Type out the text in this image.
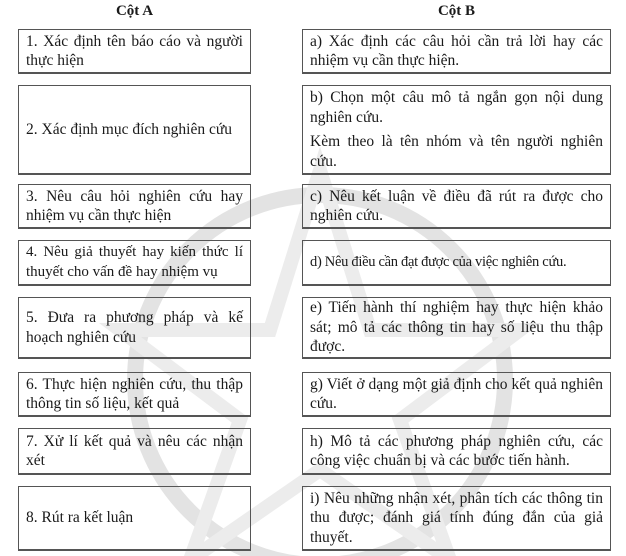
Cột A	Cột B
1. Xác định tên báo cáo và người thực hiện
2. Xác định mục đích nghiên cứu
3. Nêu câu hỏi nghiên cứu hay nhiệm vụ cần thực hiện
4. Nêu giả thuyết hay kiến thức lí thuyết cho vấn đề hay nhiệm vụ
5. Đưa ra phương pháp và kế hoạch nghiên cứu
6. Thực hiện nghiên cứu, thu thập thông tin số liệu, kết quả
7. Xử lí kết quả và nêu các nhận xét
8. Rút ra kết luận
a) Xác định các câu hỏi cần trả lời hay các nhiệm vụ cần thực hiện.
b) Chọn một câu mô tả ngắn gọn nội dung nghiên cứu.
Kèm theo là tên nhóm và tên người nghiên cứu.
c) Nêu kết luận về điều đã rút ra được cho nghiên cứu.
d) Nêu điều cần đạt được của việc nghiên cứu.
e) Tiến hành thí nghiệm hay thực hiện khảo sát; mô tả các thông tin hay số liệu thu thập được.
g) Viết ở dạng một giả định cho kết quả nghiên cứu.
h) Mô tả các phương pháp nghiên cứu, các công việc chuẩn bị và các bước tiến hành.
i) Nêu những nhận xét, phân tích các thông tin thu được; đánh giá tính đúng đắn của giả thuyết.
